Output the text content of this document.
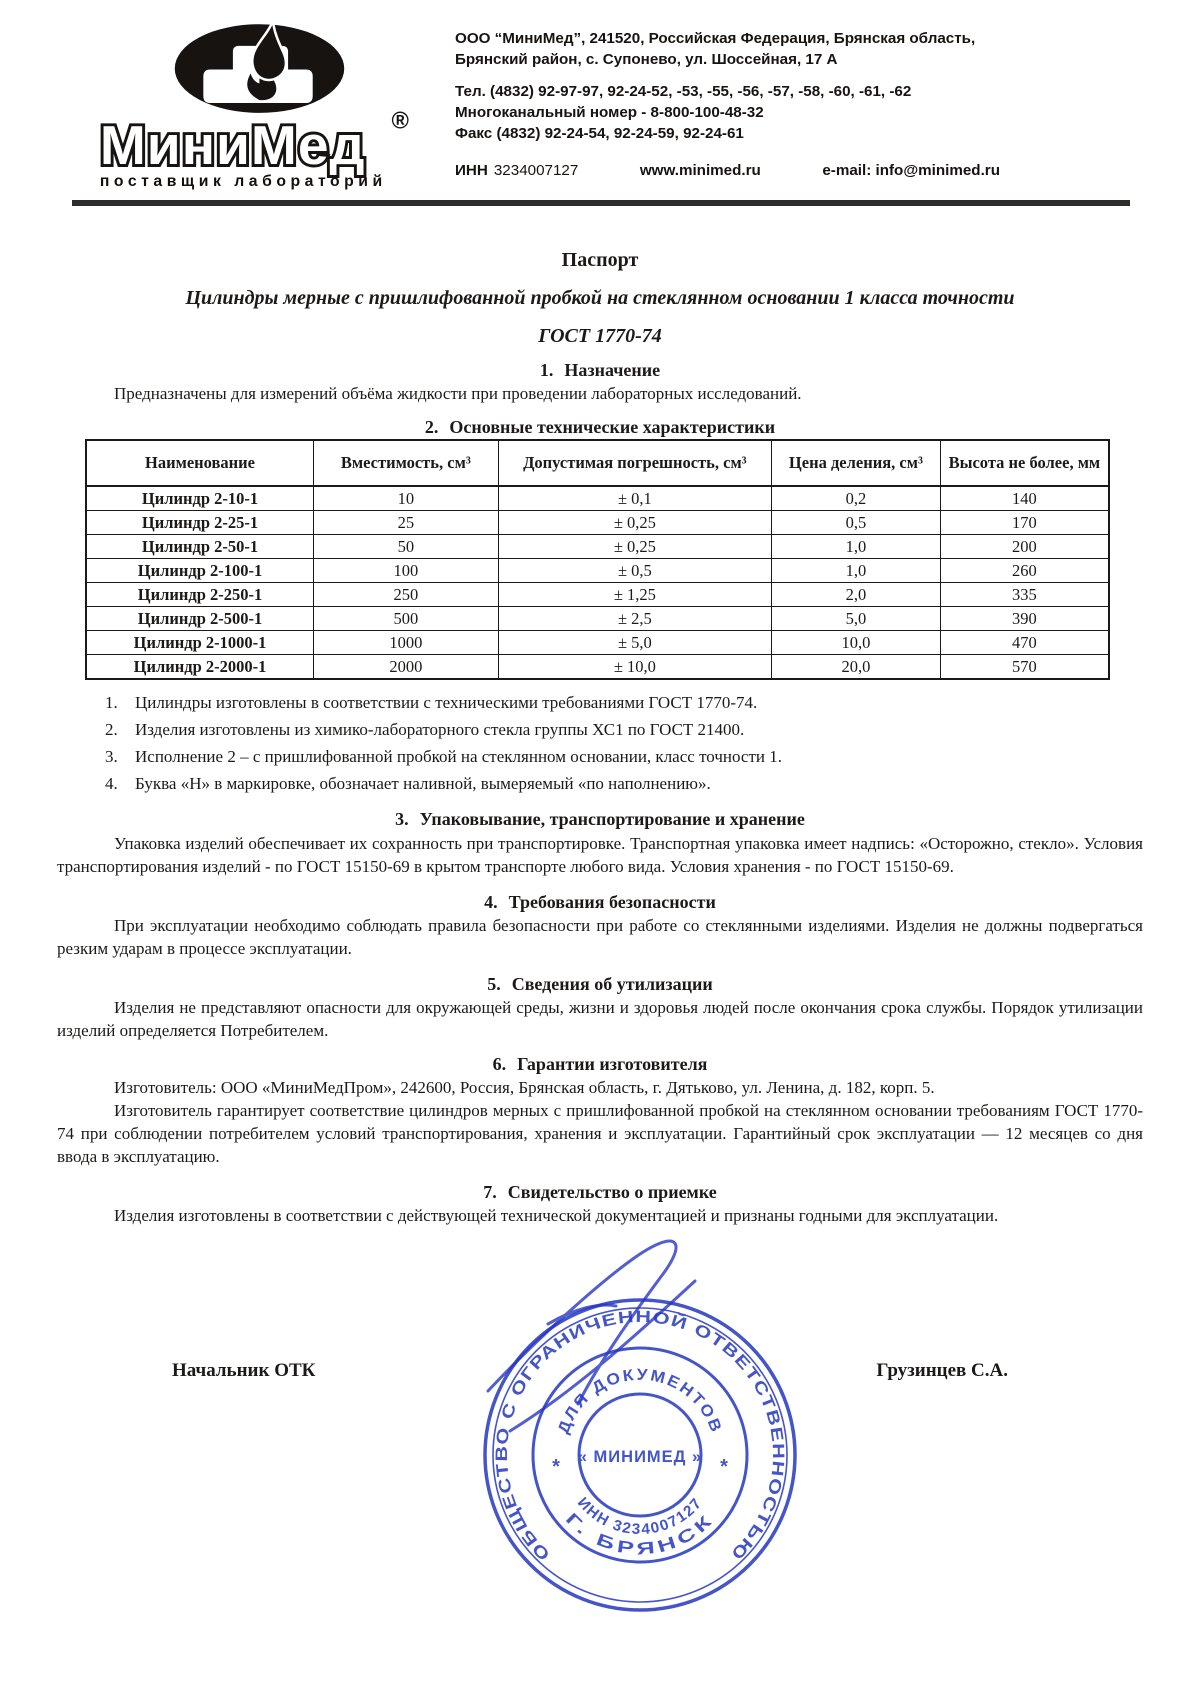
МиниМед ®
поставщик лабораторий
ООО “МиниМед”, 241520, Российская Федерация, Брянская область,
Брянский район, с. Супонево, ул. Шоссейная, 17 А
Тел. (4832) 92-97-97, 92-24-52, -53, -55, -56, -57, -58, -60, -61, -62
Многоканальный номер - 8-800-100-48-32
Факс (4832) 92-24-54, 92-24-59, 92-24-61
ИНН 3234007127	www.minimed.ru	e-mail: info@minimed.ru

Паспорт

Цилиндры мерные с пришлифованной пробкой на стеклянном основании 1 класса точности

ГОСТ 1770-74

1. Назначение

Предназначены для измерений объёма жидкости при проведении лабораторных исследований.

2. Основные технические характеристики
Наименование	Вместимость, см³	Допустимая погрешность, см³	Цена деления, см³	Высота не более, мм
Цилиндр 2-10-1	10	± 0,1	0,2	140
Цилиндр 2-25-1	25	± 0,25	0,5	170
Цилиндр 2-50-1	50	± 0,25	1,0	200
Цилиндр 2-100-1	100	± 0,5	1,0	260
Цилиндр 2-250-1	250	± 1,25	2,0	335
Цилиндр 2-500-1	500	± 2,5	5,0	390
Цилиндр 2-1000-1	1000	± 5,0	10,0	470
Цилиндр 2-2000-1	2000	± 10,0	20,0	570
1. Цилиндры изготовлены в соответствии с техническими требованиями ГОСТ 1770-74.
2. Изделия изготовлены из химико-лабораторного стекла группы ХС1 по ГОСТ 21400.
3. Исполнение 2 – с пришлифованной пробкой на стеклянном основании, класс точности 1.
4. Буква «Н» в маркировке, обозначает наливной, вымеряемый «по наполнению».
3. Упаковывание, транспортирование и хранение

Упаковка изделий обеспечивает их сохранность при транспортировке. Транспортная упаковка имеет надпись: «Осторожно, стекло». Условия транспортирования изделий - по ГОСТ 15150-69 в крытом транспорте любого вида. Условия хранения - по ГОСТ 15150-69.

4. Требования безопасности

При эксплуатации необходимо соблюдать правила безопасности при работе со стеклянными изделиями. Изделия не должны подвергаться резким ударам в процессе эксплуатации.

5. Сведения об утилизации

Изделия не представляют опасности для окружающей среды, жизни и здоровья людей после окончания срока службы. Порядок утилизации изделий определяется Потребителем.

6. Гарантии изготовителя

Изготовитель: ООО «МиниМедПром», 242600, Россия, Брянская область, г. Дятьково, ул. Ленина, д. 182, корп. 5.

Изготовитель гарантирует соответствие цилиндров мерных с пришлифованной пробкой на стеклянном основании требованиям ГОСТ 1770-74 при соблюдении потребителем условий транспортирования, хранения и эксплуатации. Гарантийный срок эксплуатации — 12 месяцев со дня ввода в эксплуатацию.

7. Свидетельство о приемке

Изделия изготовлены в соответствии с действующей технической документацией и признаны годными для эксплуатации.

Начальник ОТК	Грузинцев С.А.
ОБЩЕСТВО С ОГРАНИЧЕННОЙ ОТВЕТСТВЕННОСТЬЮ
ДЛЯ ДОКУМЕНТОВ
ИНН 3234007127
Г. БРЯНСК
« МИНИМЕД »
*	*
